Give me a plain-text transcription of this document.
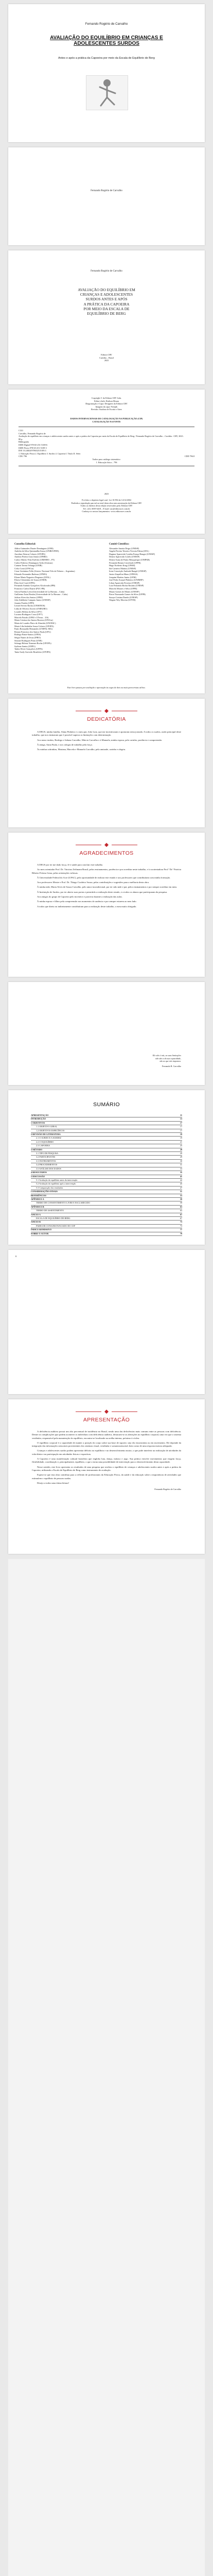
Fernando Rogério de Carvalho
AVALIAÇÃO DO EQUILÍBRIO EM CRIANÇAS E ADOLESCENTES SURDOS
Antes e após a prática da Capoeira por meio da Escala de Equilíbrio de Berg
Fernando Rogério de Carvalho
Fernando Rogério de Carvalho
AVALIAÇÃO DO EQUILÍBRIO EM
CRIANÇAS E ADOLESCENTES
SURDOS ANTES E APÓS
A PRÁTICA DA CAPOEIRA
POR MEIO DA ESCALA DE
EQUILÍBRIO DE BERG
Editora CRV
Curitiba – Brasil
2023
Copyright © da Editora CRV Ltda.
Editor-chefe: Railson Moura
Diagramação e Capa: Designers da Editora CRV
Imagem da capa: Freepik
Revisão: Analista de Escrita e Artes
DADOS INTERNACIONAIS DE CATALOGAÇÃO NA PUBLICAÇÃO (CIP)
CATALOGAÇÃO NA FONTE
C331
Carvalho, Fernando Rogério de
Avaliação do equilíbrio em crianças e adolescentes surdos antes e após a prática da Capoeira por meio da Escala de Equilíbrio de Berg / Fernando Rogério de Carvalho – Curitiba : CRV, 2023.
80 p.
Bibliografia
ISBN Digital 978-65-251-5108-6
ISBN Físico 978-65-251-5109-3
DOI 10.24824/978652515109.3
1. Educação Física 2. Equilíbrio 3. Surdos 4. Capoeira I. Título II. Série.
CDU 796	CDD 796.8
Índice para catálogo sistemático
1. Educação física – 796
2023
Foi feito o depósito legal conf. Lei 10.994 de 14/12/2004
Proibida a reprodução parcial ou total desta obra sem autorização da Editora CRV
Todos os direitos desta edição reservados pela: Editora CRV
Tel.: (41) 3039-6418 – E-mail: sac@editoracrv.com.br
Conheça os nossos lançamentos: www.editoracrv.com.br
Conselho Editorial:
Aldira Guimarães Duarte Domínguez (UNB)
Andréia da Silva Quintanilha Sousa (UNIR/UFRN)
Anselmo Alencar Colares (UFOPA)
Antônio Pereira Gaio Júnior (UFRRJ)
Carlos Alberto Vilar Estêvão (UMINHO – PT)
Carlos Federico Dominguez Avila (Unieuro)
Carmen Tereza Velanga (UNIR)
Celso Conti (UFSCar)
Cesar Gerónimo Tello (Univer. Nacional Três de Febrero – Argentina)
Eduardo Fernandes Barbosa (UFMG)
Elione Maria Nogueira Diogenes (UFAL)
Elizeu Clementino de Souza (UNEB)
Élsio José Corá (UFFS)
Fernando Antônio Gonçalves Alcoforado (IPB)
Francisco Carlos Duarte (PUC-PR)
Gloria Fariñas León (Universidade de La Havana – Cuba)
Guillermo Arias Beatón (Universidade de La Havana – Cuba)
Jailson Alves dos Santos (UFRJ)
João Adalberto Campato Junior (UNESP)
Josania Portela (UFPI)
Leonel Severo Rocha (UNISINOS)
Lídia de Oliveira Xavier (UNIEURO)
Lourdes Helena da Silva (UFV)
Luciano Rodrigues Costa (UFV)
Marcelo Paixão (UFRJ e UTexas – US)
Maria Cristina dos Santos Bezerra (UFSCar)
Maria de Lourdes Pinto de Almeida (UNOESC)
Maria Lília Imbiriba Sousa Colares (UFOPA)
Paulo Romualdo Hernandes (UNIFAL-MG)
Renato Francisco dos Santos Paula (UFG)
Rodrigo Pratte-Santos (UFES)
Sérgio Nunes de Jesus (IFRO)
Simone Rodrigues Pinto (UNB)
Solange Helena Ximenes-Rocha (UFOPA)
Sydione Santos (UEPG)
Tadeu Oliver Gonçalves (UFPA)
Tania Suely Azevedo Brasileiro (UFOPA)
Comitê Científico:
Alexandre Janotta Drigo (UNESP)
Angela Pereira Teixeira Victoria Palma (UEL)
Dagmar Aparecida Cynthia França Hunger (UNESP)
Denise Aparecida Corrêa (UNESP)
Denise Ivana de Paula Albuquerque (UNIPAR)
Fernando Renato Cavichioli (UFPR)
Hugo Norberto Krug (UFSM)
Ida Carneiro Martins (UNESP)
Irene Conceição Andrade Rangel (UNESP)
Janice Zarpellon Mazo (UFRGS)
Joaquim Martins Junior (UEM)
José Pedro Scarpel Pinheiro (UNIMEP)
Lilian Aparecida Ferreira (UNESP)
Luiz Fernando Rocha Rosário (UNESP)
Marcelo Moraes e Silva (UFPR)
Mauro Gomes de Mattos (UNESP)
Pierre Normando Gomes da Silva (UFPB)
Suraya Cristina Darido (UNESP)
Wagner Wey Moreira (UFTM)
Este livro passou por avaliação e aprovação às cegas de dois ou mais pareceristas ad hoc.
DEDICATÓRIA

A DEUS, minha família, Alana Pinheiro e a meu pai, João Luiz, que me incentivaram e apoiaram nesta jornada. A todos os surdos, razão principal deste trabalho, que nos ensinaram que é possível superar as limitações com determinação.

Aos meus irmãos, Rodrigo e Juliana Carvalho, Márcio Carvalho e à Manuela, minha esposa, pelo carinho, paciência e compreensão.

À amiga, Anna Paula, e aos colegas de trabalho pela força.

Às minhas sobrinhas, Mariana, Marcela e Manuela Carvalho, pela amizade, carinho e alegria.

AGRADECIMENTOS

A DEUS por ter me dado força, fé e saúde para concluir este trabalho.

Ao meu orientador Prof. Dr. Vinicius Zeilmann Brasil, pelos ensinamentos, paciência e por acreditar neste trabalho, e à coorientadora Prof.ª Dr.ª Patrícia Ribeiro Feitosa Lima, pelas orientações valiosas.

À Universidade Federal do Acre (UFAC), pela oportunidade de realizar este estudo e aos professores que contribuíram com minha formação.

Aos professores Mestre e Prof. Dr. Thiago Cordeiro Souza, pelas contribuições e sugestões para a melhoria desta obra.

À minha mãe, Maria Alves de Souza Carvalho, pelo amor incondicional, por ter sido mãe e pai, pelos ensinamentos e por sempre acreditar em mim.

À Instituição de Surdos, por ter aberto suas portas e permitido a realização deste estudo, e a todos os alunos que participaram da pesquisa.

Aos amigos do grupo de Capoeira pelo incentivo e parceria durante a realização das aulas.

À minha esposa e filhos pela compreensão nos momentos de ausência e por sempre estarem ao meu lado.

A todos que direta ou indiretamente contribuíram para a realização deste trabalho, o meu muito obrigado.

Ele não é nós, as suas limitações
não são a da sua capacidade,
são as que nós impomos.
Fernando R. Carvalho
SUMÁRIO
APRESENTAÇÃO	11
INTRODUÇÃO	13
1 OBJETIVOS	17
1.1 OBJETIVO GERAL	17
1.2 OBJETIVOS ESPECÍFICOS	17
2 REVISÃO DE LITERATURA	19
2.1 O SURDO E A SURDEZ	19
2.2 O EQUILÍBRIO	21
2.3 CAPOEIRA	25
3 MÉTODO	29
3.1 TIPO DE PESQUISA	29
3.2 PARTICIPANTES	29
3.3 INSTRUMENTOS	30
3.4 PROCEDIMENTOS	31
3.5 ANÁLISE DOS DADOS	33
4 RESULTADOS	35
5 DISCUSSÃO	41
5.1 Avaliação do equilíbrio antes da intervenção	42
5.2 Avaliação do equilíbrio após a intervenção	45
5.3 Comparação dos resultados	47
CONSIDERAÇÕES FINAIS	51
REFERÊNCIAS	53
APÊNDICE A	59
TERMO DE CONSENTIMENTO LIVRE E ESCLARECIDO	59
APÊNDICE B	63
TERMO DE ASSENTIMENTO	63
ANEXO A	67
ESCALA DE EQUILÍBRIO DE BERG	67
ANEXO B	73
PARECER CONSUBSTANCIADO DO CEP	73
ÍNDICE REMISSIVO	77
SOBRE O AUTOR	79
8
APRESENTAÇÃO

A deficiência auditiva possui um alto percentual de incidência no Brasil, sendo uma das deficiências mais comuns entre as pessoas com deficiência. Dentre as complicações que podem acometer os indivíduos com deficiência auditiva, destacam-se as alterações no equilíbrio corporal, uma vez que o sistema vestibular, responsável pela manutenção do equilíbrio, encontra-se localizado na orelha interna, próximo à cóclea.

O equilíbrio corporal é a capacidade de manter a posição do corpo sobre sua base de suporte, seja ela estacionária ou em movimento. Ele depende da integração das informações sensoriais provenientes dos sistemas visual, vestibular e somatossensorial, bem como de uma resposta motora adequada.

Crianças e adolescentes surdos podem apresentar déficits no equilíbrio e no desenvolvimento motor, o que pode interferir na realização de atividades da vida diária e na participação em atividades físicas e esportivas.

A Capoeira é uma manifestação cultural brasileira que engloba luta, dança, música e jogo. Sua prática envolve movimentos que exigem força, flexibilidade, coordenação e, principalmente, equilíbrio, o que a torna uma possibilidade de intervenção para o desenvolvimento desta capacidade.

Nesse sentido, este livro apresenta os resultados de uma pesquisa que avaliou o equilíbrio de crianças e adolescentes surdos antes e após a prática da Capoeira, utilizando a Escala de Equilíbrio de Berg como instrumento de avaliação.

Espera-se que esta obra contribua para a reflexão de profissionais da Educação Física, da saúde e da educação sobre a importância de atividades que estimulem o equilíbrio de pessoas surdas.

Desejo a todos uma ótima leitura!

Fernando Rogério de Carvalho
